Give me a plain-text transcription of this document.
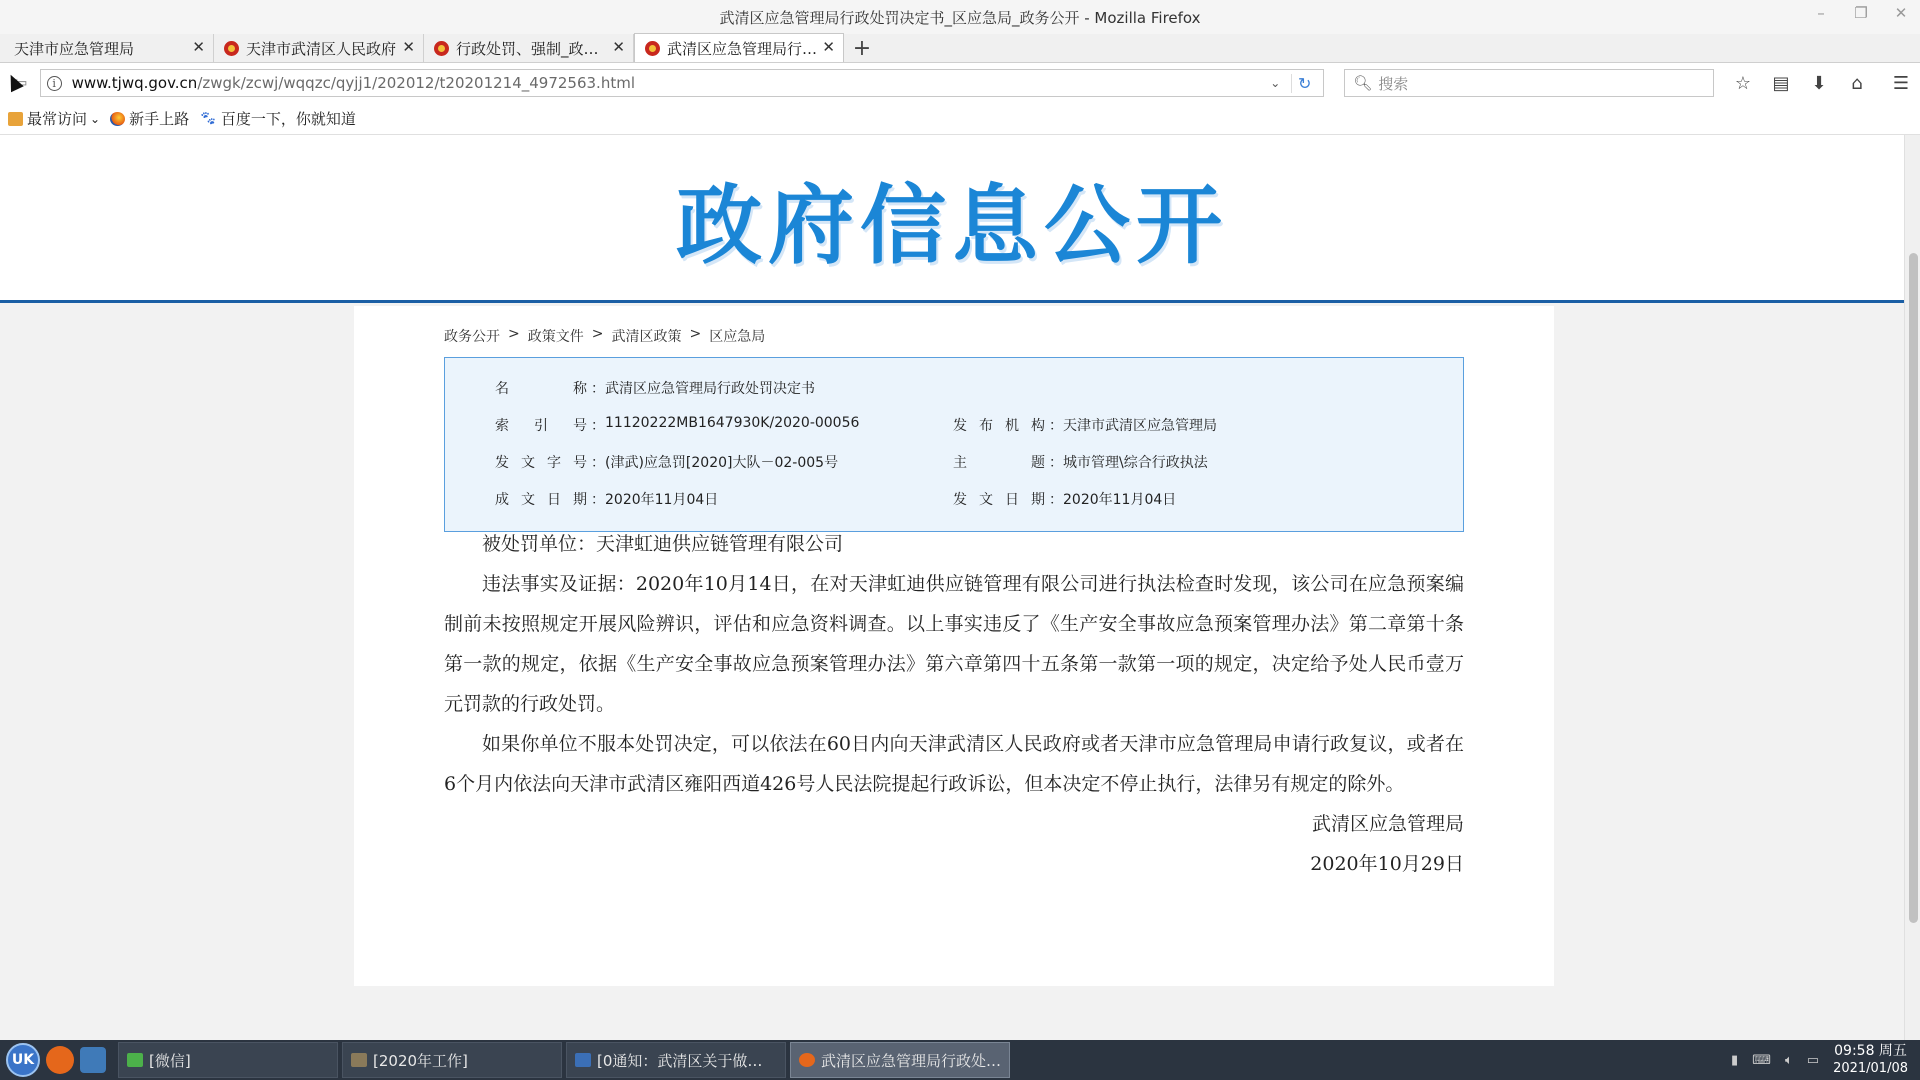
武清区应急管理局行政处罚决定书_区应急局_政务公开 - Mozilla Firefox	–	❐ ✕
天津市应急管理局	✕	天津市武清区人民政府 ✕	行政处罚、强制_政… ✕	武清区应急管理局行… ✕ +
⇦	i	www.tjwq.gov.cn/zwgk/zcwj/wqqzc/qyjj1/202012/t20201214_4972563.html	⌄	↻	🔍︎ 搜索	☆	▤	⬇	⌂	☰
最常访问 ⌄ 新手上路 🐾︎ 百度一下，你就知道
政府信息公开
政务公开 > 政策文件 > 武清区政策 > 区应急局
名称 ： 武清区应急管理局行政处罚决定书
索引号 ： 11120222MB1647930K/2020-00056	发布机构 ： 天津市武清区应急管理局
发文字号 ： (津武)应急罚[2020]大队－02-005号	主题 ： 城市管理\综合行政执法
成文日期 ： 2020年11月04日	发文日期 ： 2020年11月04日

被处罚单位：天津虹迪供应链管理有限公司

违法事实及证据：2020年10月14日，在对天津虹迪供应链管理有限公司进行执法检查时发现，该公司在应急预案编制前未按照规定开展风险辨识，评估和应急资料调查。以上事实违反了《生产安全事故应急预案管理办法》第二章第十条第一款的规定，依据《生产安全事故应急预案管理办法》第六章第四十五条第一款第一项的规定，决定给予处人民币壹万元罚款的行政处罚。

如果你单位不服本处罚决定，可以依法在60日内向天津武清区人民政府或者天津市应急管理局申请行政复议，或者在6个月内依法向天津市武清区雍阳西道426号人民法院提起行政诉讼，但本决定不停止执行，法律另有规定的除外。

武清区应急管理局

2020年10月29日

UK	[微信]	[2020年工作]	[0通知：武清区关于做好…	武清区应急管理局行政处…	▮ ⌨ 🔈︎ ▭
09:58 周五
2021/01/08
